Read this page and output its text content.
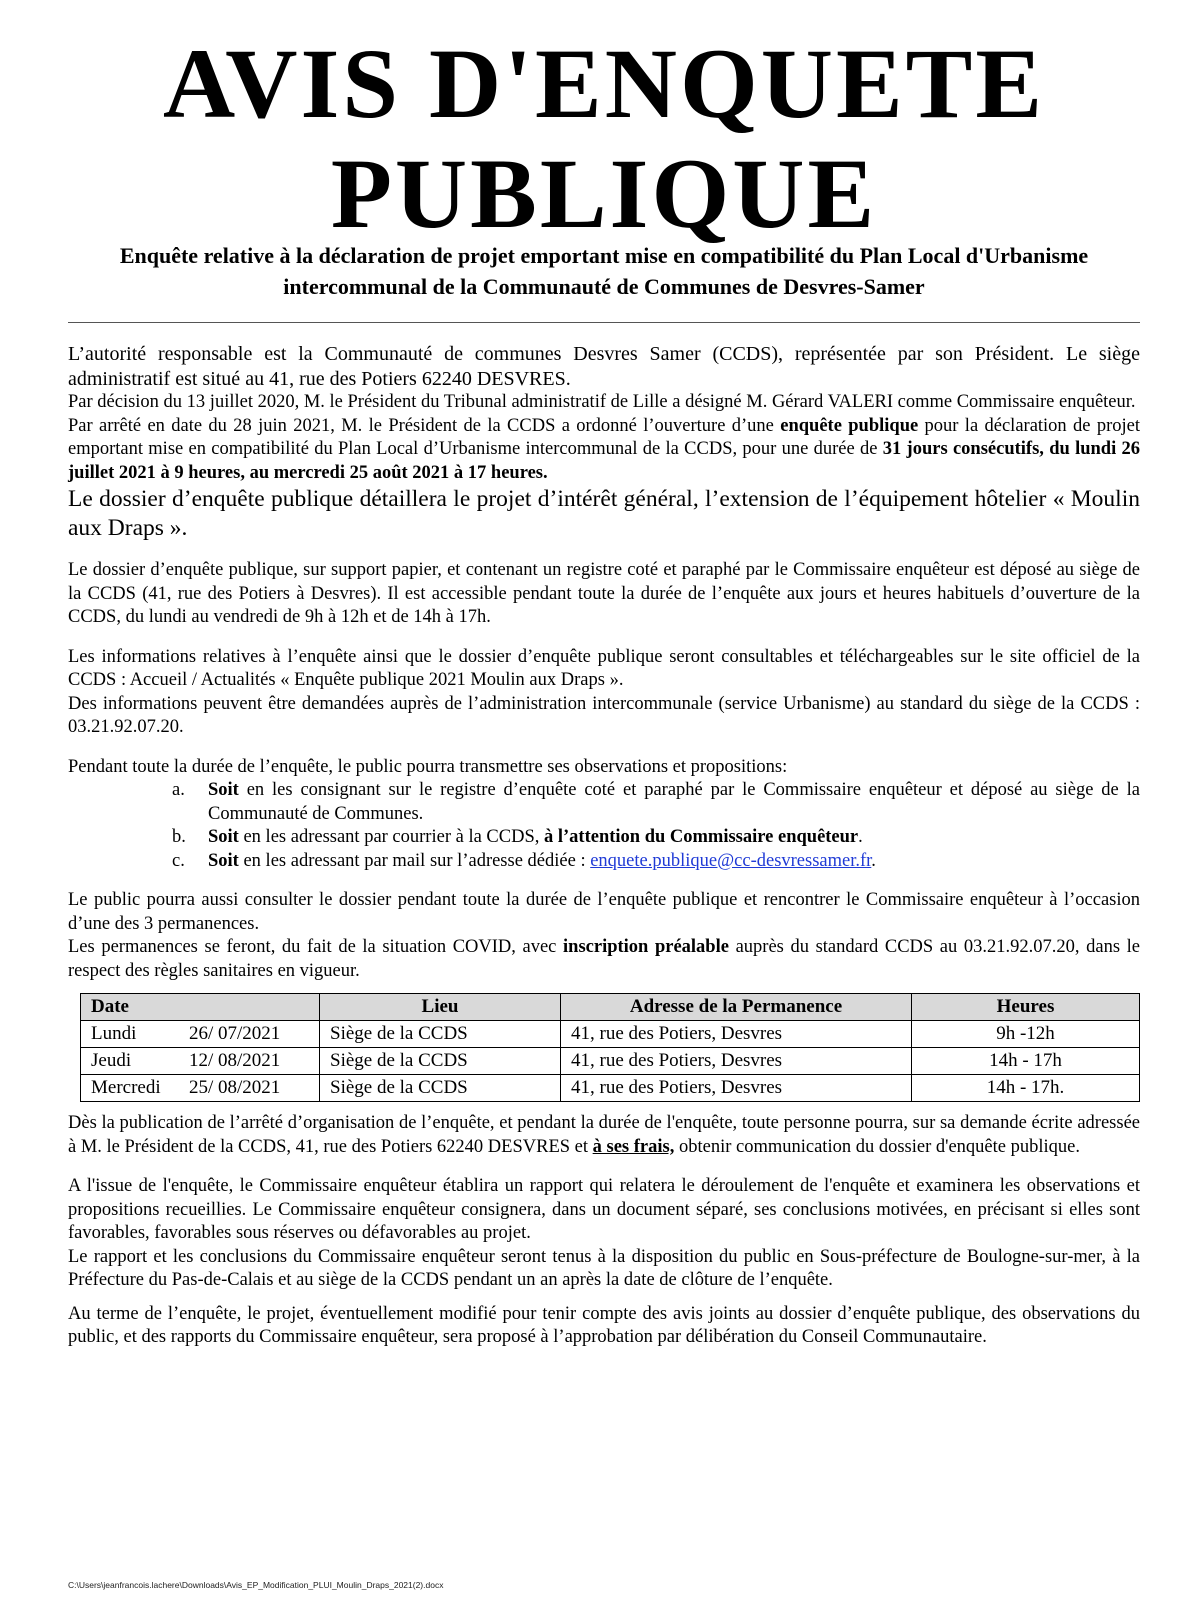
AVIS D'ENQUETE
PUBLIQUE
Enquête relative à la déclaration de projet emportant mise en compatibilité du Plan Local d'Urbanisme intercommunal de la Communauté de Communes de Desvres-Samer

L’autorité responsable est la Communauté de communes Desvres Samer (CCDS), représentée par son Président. Le siège administratif est situé au 41, rue des Potiers 62240 DESVRES.

Par décision du 13 juillet 2020, M. le Président du Tribunal administratif de Lille a désigné M. Gérard VALERI comme Commissaire enquêteur.

Par arrêté en date du 28 juin 2021, M. le Président de la CCDS a ordonné l’ouverture d’une enquête publique pour la déclaration de projet emportant mise en compatibilité du Plan Local d’Urbanisme intercommunal de la CCDS, pour une durée de 31 jours consécutifs, du lundi 26 juillet 2021 à 9 heures, au mercredi 25 août 2021 à 17 heures.

Le dossier d’enquête publique détaillera le projet d’intérêt général, l’extension de l’équipement hôtelier « Moulin aux Draps ».

Le dossier d’enquête publique, sur support papier, et contenant un registre coté et paraphé par le Commissaire enquêteur est déposé au siège de la CCDS (41, rue des Potiers à Desvres). Il est accessible pendant toute la durée de l’enquête aux jours et heures habituels d’ouverture de la CCDS, du lundi au vendredi de 9h à 12h et de 14h à 17h.

Les informations relatives à l’enquête ainsi que le dossier d’enquête publique seront consultables et téléchargeables sur le site officiel de la CCDS : Accueil / Actualités « Enquête publique 2021 Moulin aux Draps ».

Des informations peuvent être demandées auprès de l’administration intercommunale (service Urbanisme) au standard du siège de la CCDS : 03.21.92.07.20.

Pendant toute la durée de l’enquête, le public pourra transmettre ses observations et propositions:

a. Soit en les consignant sur le registre d’enquête coté et paraphé par le Commissaire enquêteur et déposé au siège de la Communauté de Communes.
b. Soit en les adressant par courrier à la CCDS, à l’attention du Commissaire enquêteur.
c. Soit en les adressant par mail sur l’adresse dédiée : enquete.publique@cc-desvressamer.fr.

Le public pourra aussi consulter le dossier pendant toute la durée de l’enquête publique et rencontrer le Commissaire enquêteur à l’occasion d’une des 3 permanences.

Les permanences se feront, du fait de la situation COVID, avec inscription préalable auprès du standard CCDS au 03.21.92.07.20, dans le respect des règles sanitaires en vigueur.

Date	Lieu	Adresse de la Permanence	Heures
Lundi 26/ 07/2021	Siège de la CCDS	41, rue des Potiers, Desvres	9h -12h
Jeudi 12/ 08/2021	Siège de la CCDS	41, rue des Potiers, Desvres	14h - 17h
Mercredi 25/ 08/2021	Siège de la CCDS	41, rue des Potiers, Desvres	14h - 17h.

Dès la publication de l’arrêté d’organisation de l’enquête, et pendant la durée de l'enquête, toute personne pourra, sur sa demande écrite adressée à M. le Président de la CCDS, 41, rue des Potiers 62240 DESVRES et à ses frais, obtenir communication du dossier d'enquête publique.

A l'issue de l'enquête, le Commissaire enquêteur établira un rapport qui relatera le déroulement de l'enquête et examinera les observations et propositions recueillies. Le Commissaire enquêteur consignera, dans un document séparé, ses conclusions motivées, en précisant si elles sont favorables, favorables sous réserves ou défavorables au projet.

Le rapport et les conclusions du Commissaire enquêteur seront tenus à la disposition du public en Sous-préfecture de Boulogne-sur-mer, à la Préfecture du Pas-de-Calais et au siège de la CCDS pendant un an après la date de clôture de l’enquête.

Au terme de l’enquête, le projet, éventuellement modifié pour tenir compte des avis joints au dossier d’enquête publique, des observations du public, et des rapports du Commissaire enquêteur, sera proposé à l’approbation par délibération du Conseil Communautaire.

C:\Users\jeanfrancois.lachere\Downloads\Avis_EP_Modification_PLUI_Moulin_Draps_2021(2).docx
